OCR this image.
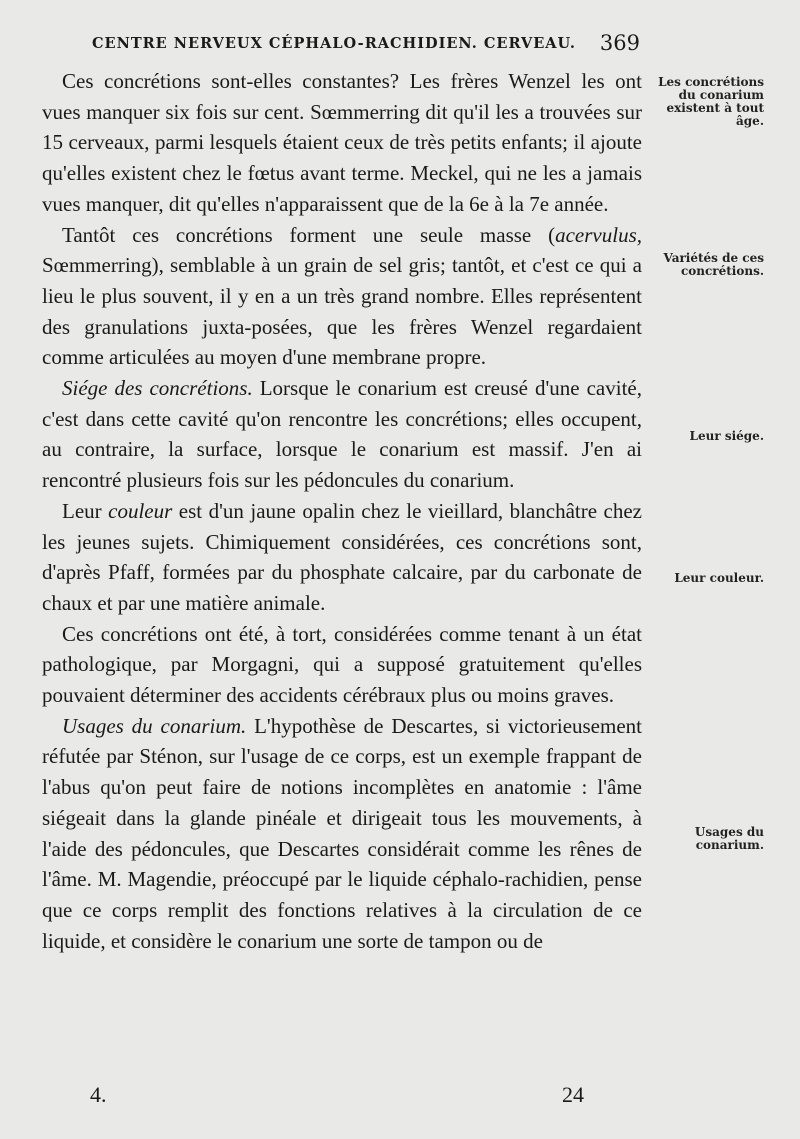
CENTRE NERVEUX CÉPHALO-RACHIDIEN. CERVEAU. 369

Ces concrétions sont-elles constantes? Les frères Wenzel les ont vues manquer six fois sur cent. Sœmmerring dit qu'il les a trouvées sur 15 cerveaux, parmi lesquels étaient ceux de très petits enfants; il ajoute qu'elles existent chez le fœtus avant terme. Meckel, qui ne les a jamais vues manquer, dit qu'elles n'apparaissent que de la 6e à la 7e année.

Tantôt ces concrétions forment une seule masse (acervulus, Sœmmerring), semblable à un grain de sel gris; tantôt, et c'est ce qui a lieu le plus souvent, il y en a un très grand nombre. Elles représentent des granulations juxta-posées, que les frères Wenzel regardaient comme articulées au moyen d'une membrane propre.

Siége des concrétions. Lorsque le conarium est creusé d'une cavité, c'est dans cette cavité qu'on rencontre les concrétions; elles occupent, au contraire, la surface, lorsque le conarium est massif. J'en ai rencontré plusieurs fois sur les pédoncules du conarium.

Leur couleur est d'un jaune opalin chez le vieillard, blanchâtre chez les jeunes sujets. Chimiquement considérées, ces concrétions sont, d'après Pfaff, formées par du phosphate calcaire, par du carbonate de chaux et par une matière animale.

Ces concrétions ont été, à tort, considérées comme tenant à un état pathologique, par Morgagni, qui a supposé gratuitement qu'elles pouvaient déterminer des accidents cérébraux plus ou moins graves.

Usages du conarium. L'hypothèse de Descartes, si victorieusement réfutée par Sténon, sur l'usage de ce corps, est un exemple frappant de l'abus qu'on peut faire de notions incomplètes en anatomie : l'âme siégeait dans la glande pinéale et dirigeait tous les mouvements, à l'aide des pédoncules, que Descartes considérait comme les rênes de l'âme. M. Magendie, préoccupé par le liquide céphalo-rachidien, pense que ce corps remplit des fonctions relatives à la circulation de ce liquide, et considère le conarium une sorte de tampon ou de

Les concrétions du conarium existent à tout âge.
Variétés de ces concrétions.
Leur siége.
Leur couleur.
Usages du conarium.
4.	24
